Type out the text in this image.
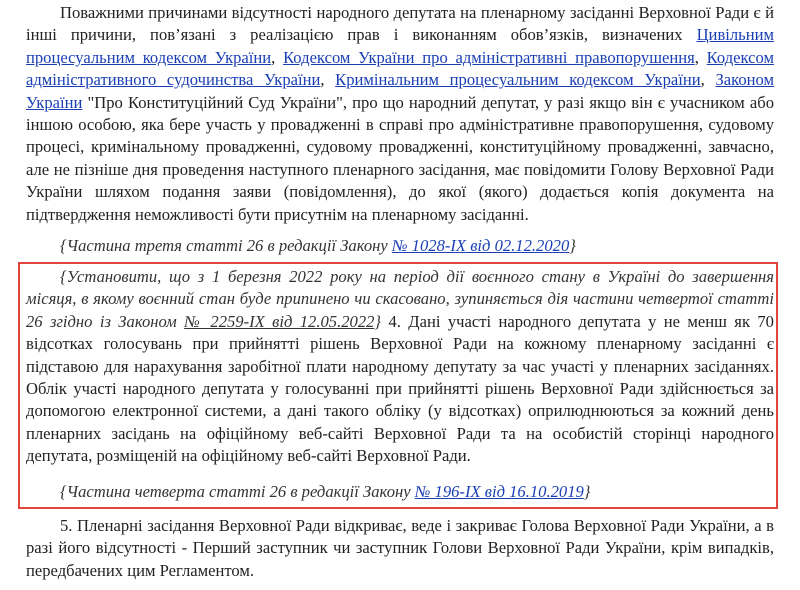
Поважними причинами відсутності народного депутата на пленарному засіданні Верховної Ради є й інші причини, пов’язані з реалізацією прав і виконанням обов’язків, визначених Цивільним процесуальним кодексом України, Кодексом України про адміністративні правопорушення, Кодексом адміністративного судочинства України, Кримінальним процесуальним кодексом України, Законом України "Про Конституційний Суд України", про що народний депутат, у разі якщо він є учасником або іншою особою, яка бере участь у провадженні в справі про адміністративне правопорушення, судовому процесі, кримінальному провадженні, судовому провадженні, конституційному провадженні, завчасно, але не пізніше дня проведення наступного пленарного засідання, має повідомити Голову Верховної Ради України шляхом подання заяви (повідомлення), до якої (якого) додається копія документа на підтвердження неможливості бути присутнім на пленарному засіданні.

{Частина третя статті 26 в редакції Закону № 1028-IX від 02.12.2020}

{Установити, що з 1 березня 2022 року на період дії воєнного стану в Україні до завершення місяця, в якому воєнний стан буде припинено чи скасовано, зупиняється дія частини четвертої статті 26 згідно із Законом № 2259-IX від 12.05.2022} 4. Дані участі народного депутата у не менш як 70 відсотках голосувань при прийнятті рішень Верховної Ради на кожному пленарному засіданні є підставою для нарахування заробітної плати народному депутату за час участі у пленарних засіданнях. Облік участі народного депутата у голосуванні при прийнятті рішень Верховної Ради здійснюється за допомогою електронної системи, а дані такого обліку (у відсотках) оприлюднюються за кожний день пленарних засідань на офіційному веб-сайті Верховної Ради та на особистій сторінці народного депутата, розміщеній на офіційному веб-сайті Верховної Ради.

{Частина четверта статті 26 в редакції Закону № 196-IX від 16.10.2019}

5. Пленарні засідання Верховної Ради відкриває, веде і закриває Голова Верховної Ради України, а в разі його відсутності - Перший заступник чи заступник Голови Верховної Ради України, крім випадків, передбачених цим Регламентом.
